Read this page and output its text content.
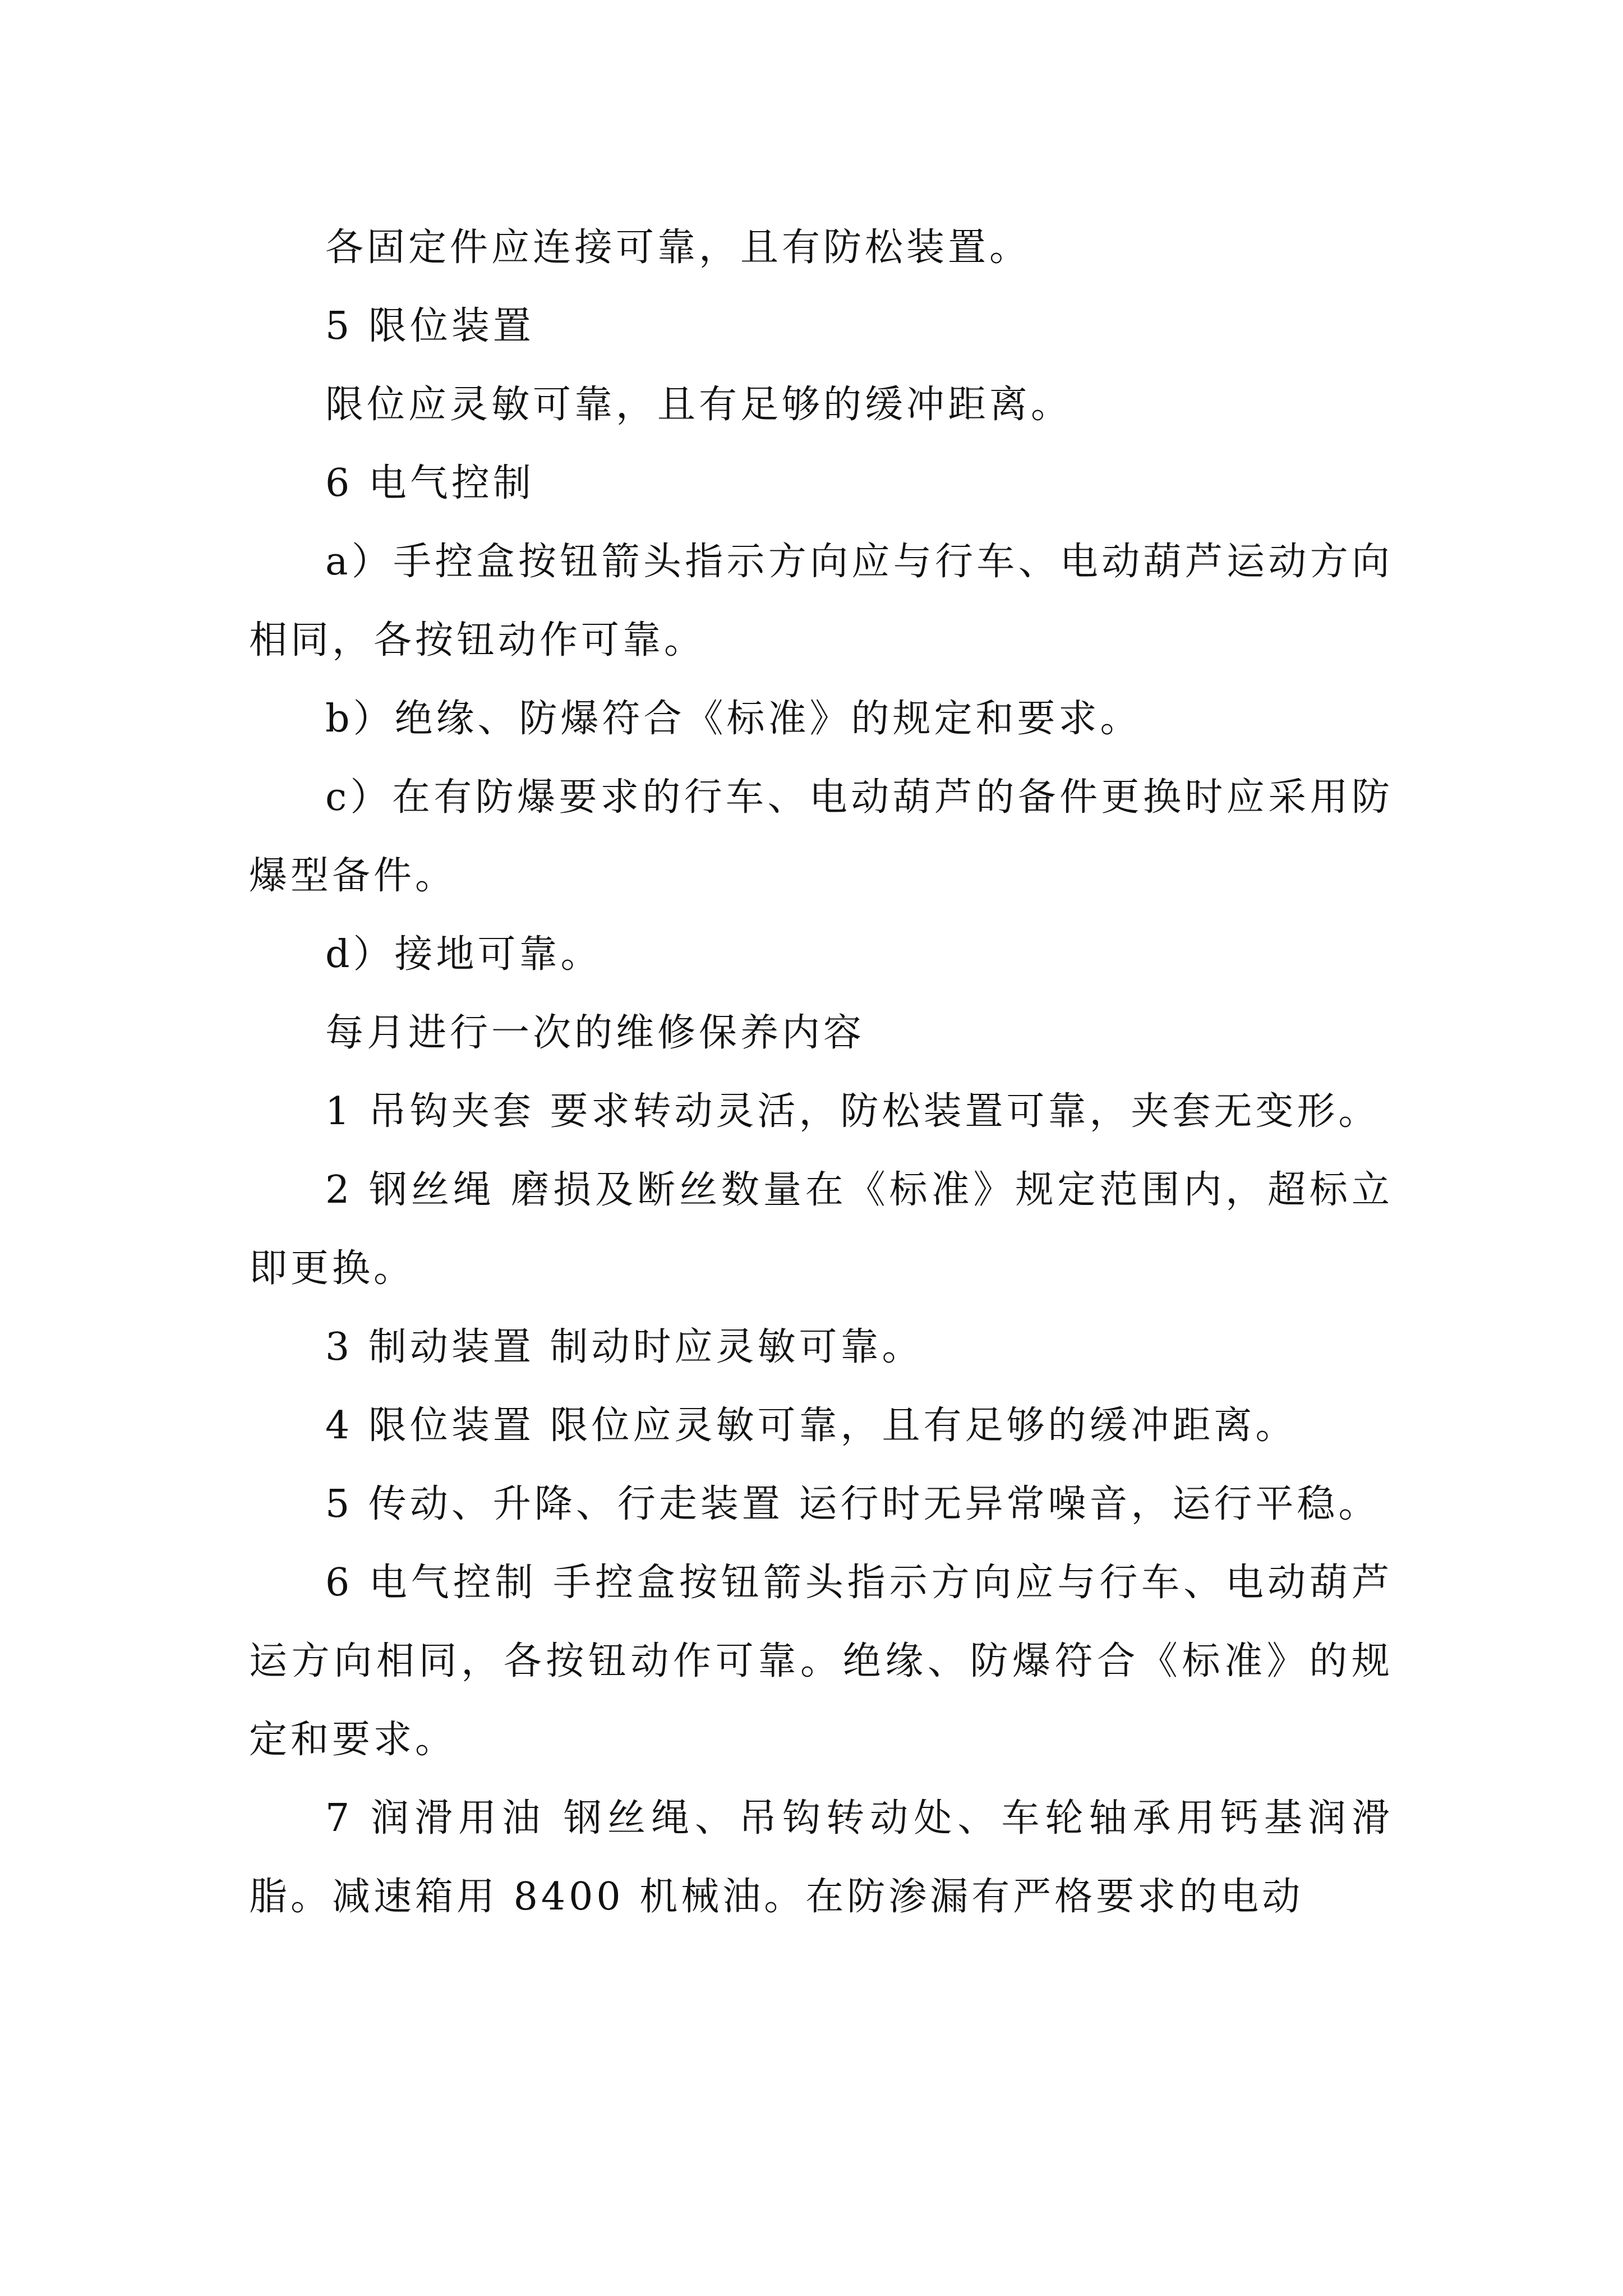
各固定件应连接可靠，且有防松装置。

5 限位装置

限位应灵敏可靠，且有足够的缓冲距离。

6 电气控制

a）手控盒按钮箭头指示方向应与行车、电动葫芦运动方向相同，各按钮动作可靠。

b）绝缘、防爆符合《标准》的规定和要求。

c）在有防爆要求的行车、电动葫芦的备件更换时应采用防爆型备件。

d）接地可靠。

每月进行一次的维修保养内容

1 吊钩夹套 要求转动灵活，防松装置可靠，夹套无变形。

2 钢丝绳 磨损及断丝数量在《标准》规定范围内，超标立即更换。

3 制动装置 制动时应灵敏可靠。

4 限位装置 限位应灵敏可靠，且有足够的缓冲距离。

5 传动、升降、行走装置 运行时无异常噪音，运行平稳。

6 电气控制 手控盒按钮箭头指示方向应与行车、电动葫芦运方向相同，各按钮动作可靠。绝缘、防爆符合《标准》的规定和要求。

7 润滑用油 钢丝绳、吊钩转动处、车轮轴承用钙基润滑脂。减速箱用 8400 机械油。在防渗漏有严格要求的电动
